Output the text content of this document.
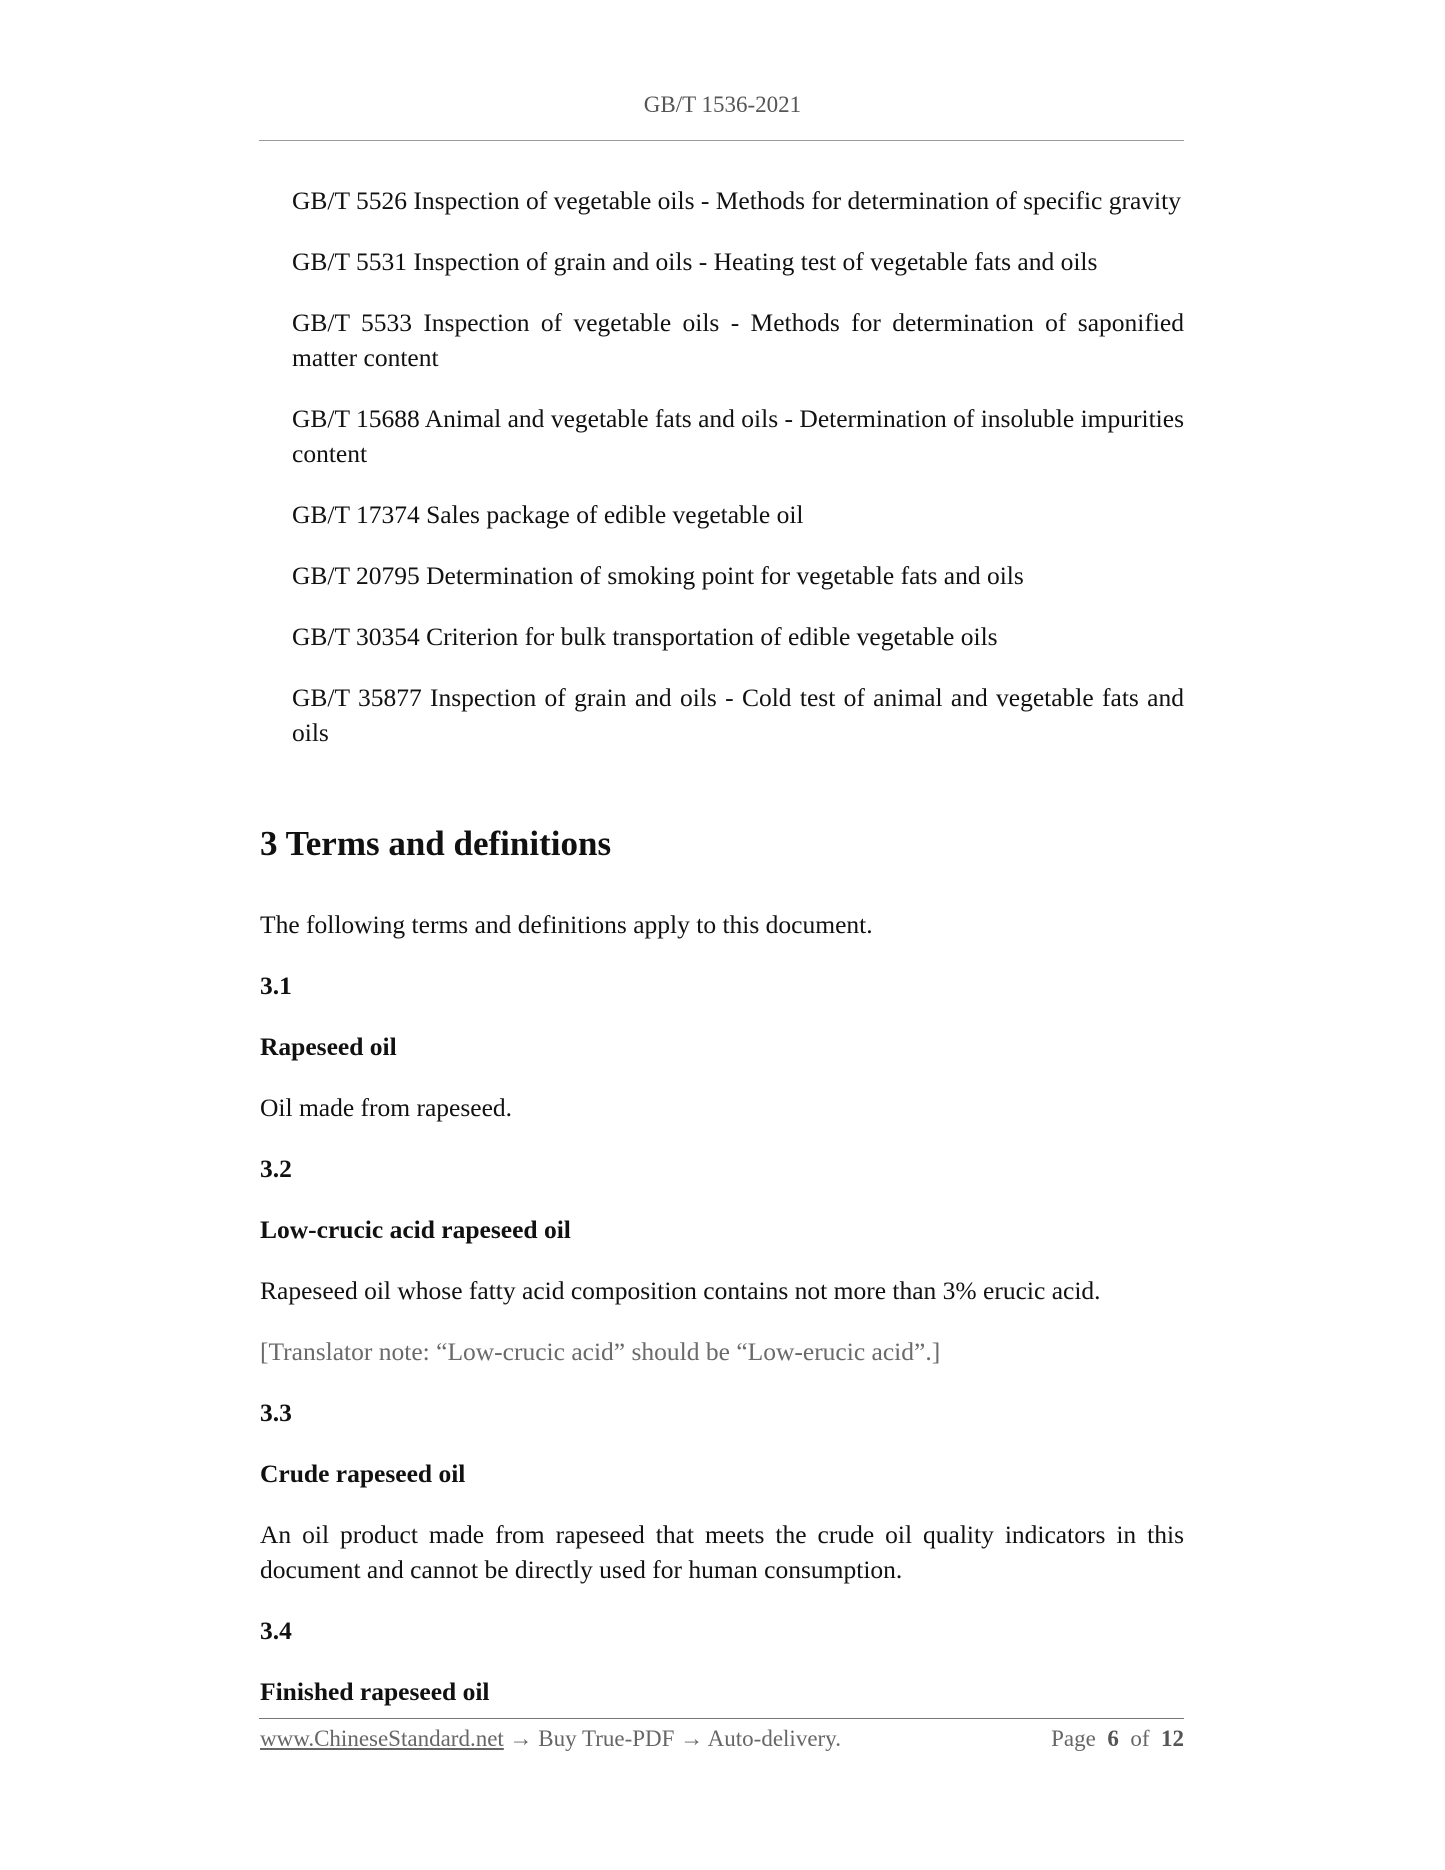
GB/T 1536-2021

GB/T 5526 Inspection of vegetable oils - Methods for determination of specific gravity

GB/T 5531 Inspection of grain and oils - Heating test of vegetable fats and oils

GB/T 5533 Inspection of vegetable oils - Methods for determination of saponified matter content

GB/T 15688 Animal and vegetable fats and oils - Determination of insoluble impurities content

GB/T 17374 Sales package of edible vegetable oil

GB/T 20795 Determination of smoking point for vegetable fats and oils

GB/T 30354 Criterion for bulk transportation of edible vegetable oils

GB/T 35877 Inspection of grain and oils - Cold test of animal and vegetable fats and oils

3 Terms and definitions

The following terms and definitions apply to this document.

3.1

Rapeseed oil

Oil made from rapeseed.

3.2

Low-crucic acid rapeseed oil

Rapeseed oil whose fatty acid composition contains not more than 3% erucic acid.

[Translator note: “Low-crucic acid” should be “Low-erucic acid”.]

3.3

Crude rapeseed oil

An oil product made from rapeseed that meets the crude oil quality indicators in this document and cannot be directly used for human consumption.

3.4

Finished rapeseed oil

www.ChineseStandard.net → Buy True-PDF → Auto-delivery.	Page 6 of 12
